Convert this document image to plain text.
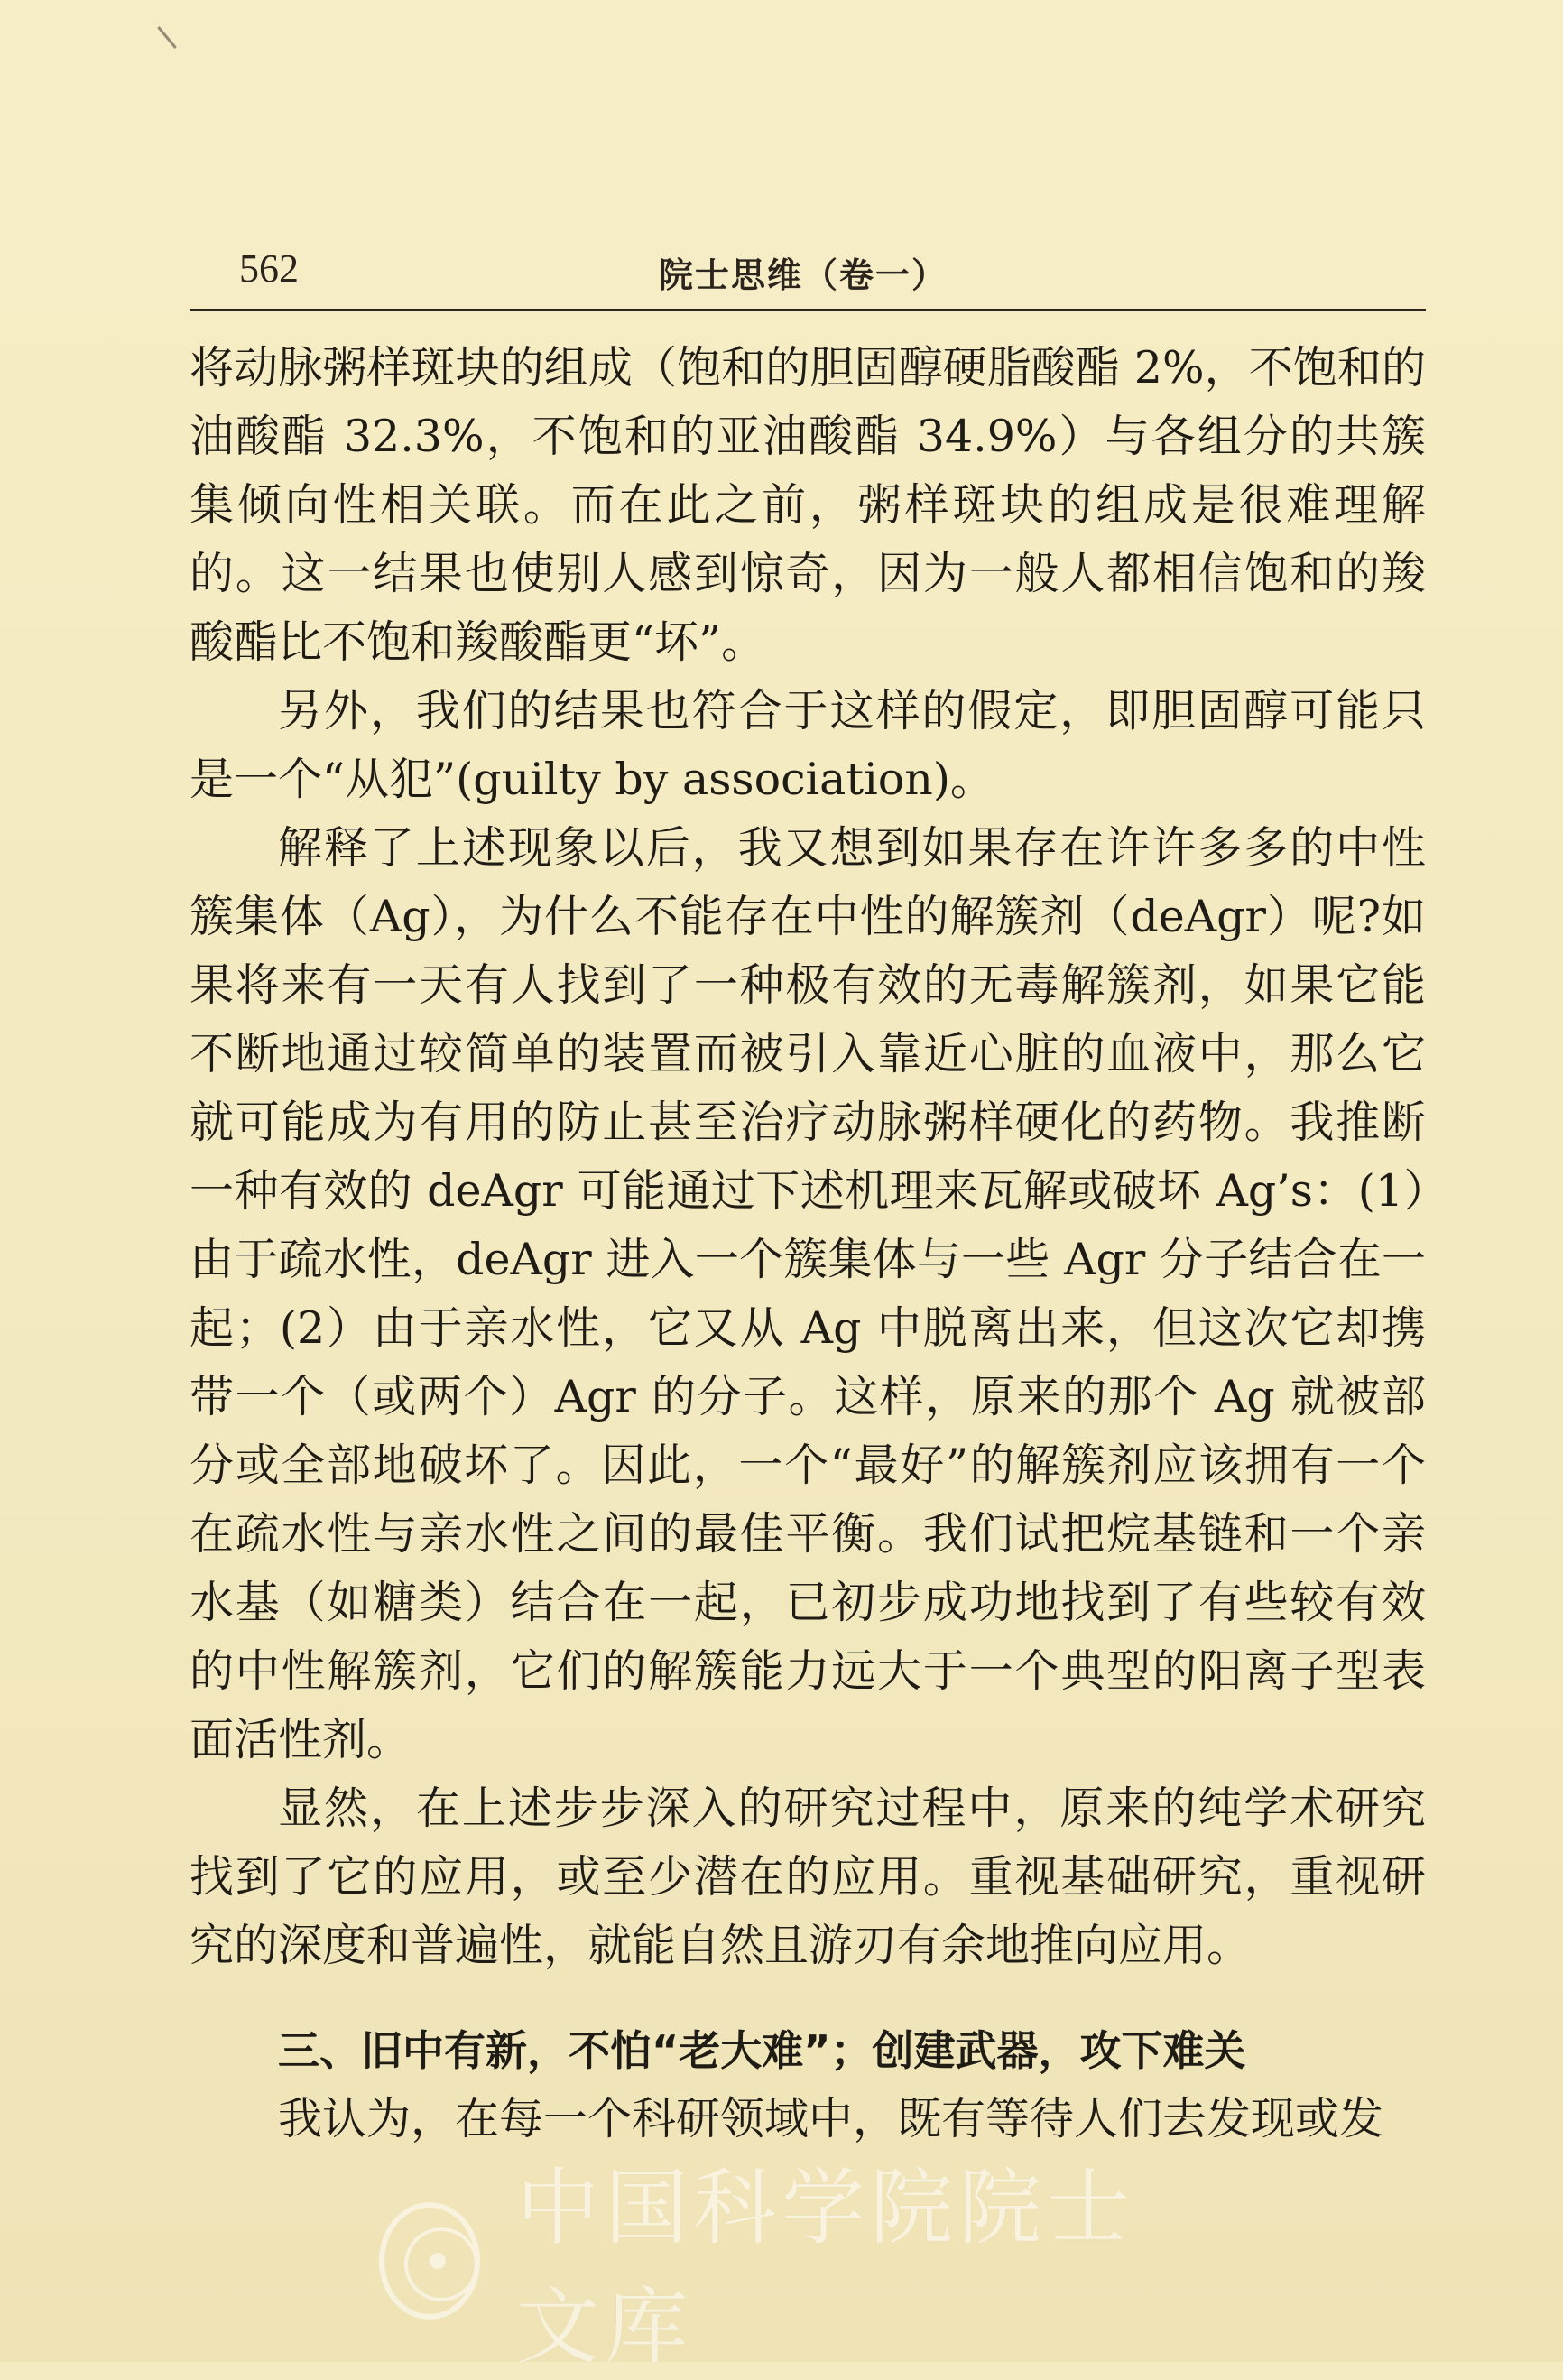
562	院士思维（卷一）

将动脉粥样斑块的组成（饱和的胆固醇硬脂酸酯 2%，不饱和的油酸酯 32.3%，不饱和的亚油酸酯 34.9%）与各组分的共簇集倾向性相关联。而在此之前，粥样斑块的组成是很难理解的。这一结果也使别人感到惊奇，因为一般人都相信饱和的羧酸酯比不饱和羧酸酯更“坏”。

另外，我们的结果也符合于这样的假定，即胆固醇可能只是一个“从犯”(guilty by association)。

解释了上述现象以后，我又想到如果存在许许多多的中性簇集体（Ag），为什么不能存在中性的解簇剂（deAgr）呢?如果将来有一天有人找到了一种极有效的无毒解簇剂，如果它能不断地通过较简单的装置而被引入靠近心脏的血液中，那么它就可能成为有用的防止甚至治疗动脉粥样硬化的药物。我推断一种有效的 deAgr 可能通过下述机理来瓦解或破坏 Ag’s：(1）由于疏水性，deAgr 进入一个簇集体与一些 Agr 分子结合在一起；(2）由于亲水性，它又从 Ag 中脱离出来，但这次它却携带一个（或两个）Agr 的分子。这样，原来的那个 Ag 就被部分或全部地破坏了。因此，一个“最好”的解簇剂应该拥有一个在疏水性与亲水性之间的最佳平衡。我们试把烷基链和一个亲水基（如糖类）结合在一起，已初步成功地找到了有些较有效的中性解簇剂，它们的解簇能力远大于一个典型的阳离子型表面活性剂。

显然，在上述步步深入的研究过程中，原来的纯学术研究找到了它的应用，或至少潜在的应用。重视基础研究，重视研究的深度和普遍性，就能自然且游刃有余地推向应用。

三、旧中有新，不怕“老大难”；创建武器，攻下难关

我认为，在每一个科研领域中，既有等待人们去发现或发

中国科学院院士文库
